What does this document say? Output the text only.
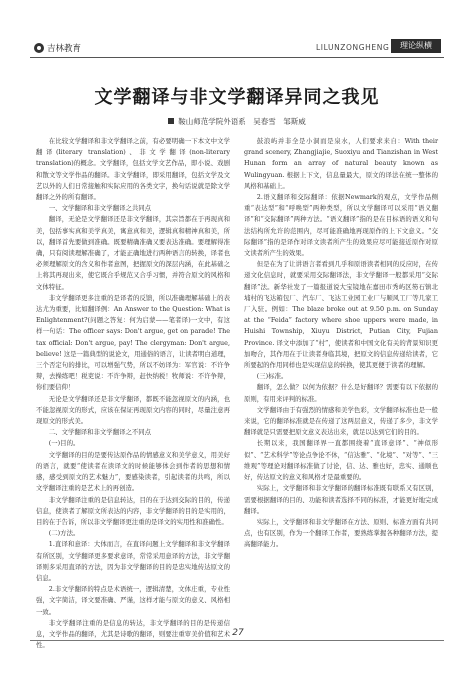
吉林教育	LILUNZONGHENG	理论纵横
文学翻译与非文学翻译异同之我见
鞍山师范学院外语系　吴春雪　邹斯威

在比较文学翻译和非文学翻译之前，有必要明确一下本文中文学翻译(literary translation)、非文学翻译(non-literary translation)的概念。文学翻译，包括文学文艺作品，即小说、戏剧和散文等文学作品的翻译。非文学翻译，即采用翻译，包括文学及文艺以外的人们日常接触和实际应用的各类文字，换句话说就是除文学翻译之外的所有翻译。

一、文学翻译和非文学翻译之共同点

翻译，无论是文学翻译还是非文学翻译，其宗旨都在于再现真和美，包括事实真和美学真美，寓意真和美，逻辑真和精神真和美，所以，翻译首先要做到准确。既要精确准确又要表达准确。要理解得准确，只有阅读理解准确了，才能正确地进行两种语言的转换，译者也必须理解原文的含义和作者意图，把握原文的深层内涵，在此基础之上将其再现出来，使它既合乎规范又合乎习惯，并符合原文的风格和文体特征。

非文学翻译更多注重的是译者的反馈，所以准确理解基础上的表达尤为重要，比如翻译例：An Answer to the Question: What is Enlightenment?(问题之答复：何为启蒙——笔者译)一文中，有这样一句话：The officer says: Don't argue, get on parade! The tax official: Don't argue, pay! The clergyman: Don't argue, believe! 这是一篇典型的说论文，用通俗的语言，让读者明白道理，三个否定句的排比，可以增强气势，所以不妨译为：军官说：不许争辩，去操练吧！税吏说：不许争辩，赶快纳税！牧师说：不许争辩，你们要信仰！

无论是文学翻译还是非文学翻译，都既不能忽视原文的内涵，也不能忽视原文的形式，应该在保证再现原文内容的同时，尽量注意再现原文的形式美。

二、文学翻译和非文学翻译之不同点

(一)目的。

文学翻译的目的是要传达原作品的情感意义和美学意义，用美好的语言，就要“使读者在读译文的时候能够体会到作者的思想和情感，感受到原文的艺术魅力”，要感染读者，引起读者的共鸣，所以文学翻译注重的是艺术上的再创造。

非文学翻译注重的是信息转达，目的在于达到交际的目的，传递信息，使读者了解原文所表达的内容，非文学翻译的目的是实用的，目的在于告诉，所以非文学翻译更注重的是译文的实用性和准确性。

(二)方法。

1.直译和意译：大体而言，在直译问题上文学翻译和非文学翻译有所区别，文学翻译更多要求意译，常常采用意译的方法，非文学翻译则多采用直译的方法，因为非文学翻译的目的是忠实地传达原文的信息。

2.非文学翻译的特点是术语统一，逻辑清楚，文体庄重，专业性强，文字简洁，译文要准确、严谨，这样才能与原文的意义、风格相一致。

非文学翻译注重的是信息的转达，非文学翻译的目的是传递信息，文学作品的翻译，尤其是诗歌的翻译，则要注重审美价值和艺术性。

鼓浪屿并非全是小洞而是泉水，人们要求来自：With their grand scenery, Zhangjiajie, Suoxiyu and Tianzishan in West Hunan form an array of natural beauty known as Wulingyuan. 根据上下文，信息量最大，原文的译法在统一整体的风格和基础上。

2.语义翻译和交际翻译：依据Newmark的观点，文学作品侧重“表达型”和“呼唤型”两种类型，所以文学翻译可以采用“语义翻译”和“交际翻译”两种方法。“语义翻译”指的是在目标语的语义和句法结构所允许的范围内，尽可能准确地再现原作的上下文意义。“交际翻译”指的是译作对译文读者所产生的效果应尽可能接近原作对原文读者所产生的效果。

但是在为了让讲语言者看到几乎和原语读者相同的反应时，在传递文化信息时，就要采用交际翻译法，非文学翻译一般都采用“交际翻译”法。新华社发了一篇报道说大宝镜地在嘉田市秀屿区笏石镇北埔村的飞达箱包厂、汽车厂、飞达工业园工业厂与顺风工厂等几家工厂入驻。例如：The blaze broke out at 9.50 p.m. on Sunday at the “Feida” factory where shoe uppers were made, in Huishi Township, Xiuyu District, Putian City, Fujian Province. 译文中添加了“村”，使读者和中国文化有关的背景知识更加吻合，其作用在于让读者身临其境，把原文的信息传递给读者，它所要起的作用同样也是实现信息的转换，使其更便于读者的理解。

(三)标准。

翻译，怎么做？以何为依据？什么是好翻译？需要有以下依据的原则，有用来评判的标准。

文学翻译由于有强烈的情感和美学色彩，文学翻译标准也是一般来说，它的翻译标准就是在传递了这两层意义，传递了多少，非文学翻译就是只需要把原文意义表达出来，就足以达到它们的目的。

长期以来，我国翻译界一直都围绕着“直译意译”、“神似形似”、“艺术科学”等论点争论不休，“信达雅”、“化境”、“对等”、“三维观”等理论对翻译标准做了讨论，信、达、雅也好，忠实、通顺也好，传达原文的意义和风格才是最重要的。

实际上，文学翻译和非文学翻译的翻译标准既有联系又有区别，需要根据翻译的目的、功能和读者选择不同的标准，才能更好地完成翻译。

实际上，文学翻译和非文学翻译在方法、原则、标准方面有共同点，也有区别，作为一个翻译工作者，要熟练掌握各种翻译方法，提高翻译能力。

27
